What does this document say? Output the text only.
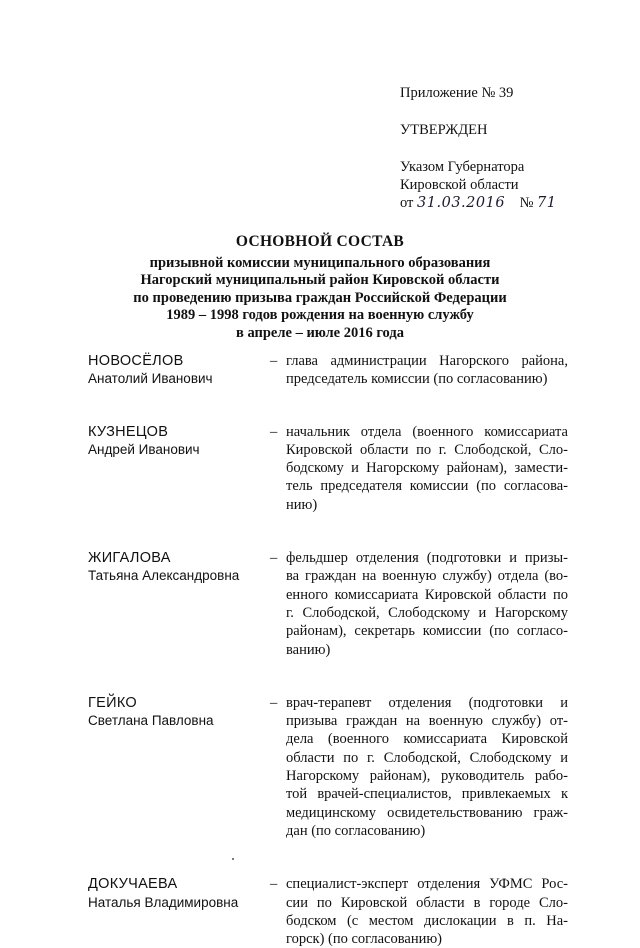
Приложение № 39
УТВЕРЖДЕН
Указом Губернатора
Кировской области
от 31.03.2016 № 71
ОСНОВНОЙ СОСТАВ
призывной комиссии муниципального образования
Нагорский муниципальный район Кировской области
по проведению призыва граждан Российской Федерации
1989 – 1998 годов рождения на военную службу
в апреле – июле 2016 года
НОВОСЁЛОВ
Анатолий Иванович
– глава администрации Нагорского района,
председатель комиссии (по согласованию)
КУЗНЕЦОВ
Андрей Иванович
– начальник отдела (военного комиссариата
Кировской области по г. Слободской, Сло-
бодскому и Нагорскому районам), замести-
тель председателя комиссии (по согласова-
нию)
ЖИГАЛОВА
Татьяна Александровна
– фельдшер отделения (подготовки и призы-
ва граждан на военную службу) отдела (во-
енного комиссариата Кировской области по
г. Слободской, Слободскому и Нагорскому
районам), секретарь комиссии (по согласо-
ванию)
ГЕЙКО
Светлана Павловна
– врач-терапевт отделения (подготовки и
призыва граждан на военную службу) от-
дела (военного комиссариата Кировской
области по г. Слободской, Слободскому и
Нагорскому районам), руководитель рабо-
той врачей-специалистов, привлекаемых к
медицинскому освидетельствованию граж-
дан (по согласованию)
ДОКУЧАЕВА
Наталья Владимировна
– специалист-эксперт отделения УФМС Рос-
сии по Кировской области в городе Сло-
бодском (с местом дислокации в п. На-
горск) (по согласованию)
